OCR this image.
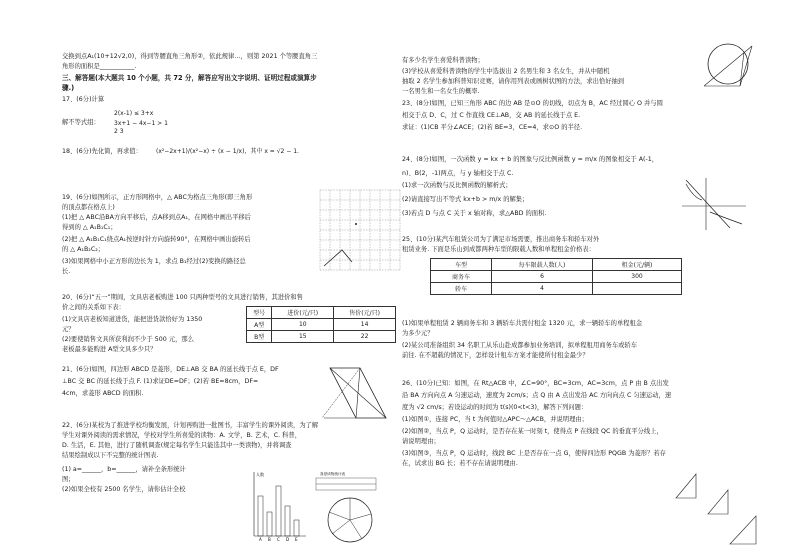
交换到点A₁(10+12√2,0)，得到等腰直角三角形②，依此规律…，则第 2021 个等腰直角三
角形的面积是___________.
三、解答题(本大题共 10 个小题，共 72 分，解答应写出文字说明、证明过程或演算步
骤.)
17、(6分)计算
解不等式组：
2(x-1) ≤ 3+x
3x+1 − 4x−1 > 1
2 3
18、(6分)先化简，再求值： (x²−2x+1)/(x²−x) ÷ (x − 1/x)，其中 x = √2 − 1.
19、(6分)如图所示，正方形网格中，△ ABC为格点三角形(即三角形
的顶点都在格点上)
(1)把 △ ABC沿BA方向平移后，点A移到点A₁，在网格中画出平移后
得到的 △ A₁B₁C₁；
(2)把 △ A₁B₁C₁绕点A₁按逆时针方向旋转90°，在网格中画出旋转后
的 △ A₁B₂C₂；
(3)如果网格中小正方形的边长为 1，求点 B₁经过(2)变换的路径总
长.
20、(6分)“五一”期间，文具店老板购进 100 只两种型号的文具进行销售，其进价和售
价之间的关系如下表：
(1)文具店老板知道进货，能把进货款恰好为 1350
元？
(2)要使销售文具所获利润不少于 500 元，那么
老板最多能购进 A型文具多少只？
型号	进价(元/只)	售价(元/只)
A型	10	14
B型	15	22
21、(6分)如图，四边形 ABCD 是菱形，DE⊥AB 交 BA 的延长线于点 E，DF
⊥BC 交 BC 的延长线于点 F. (1)求证DE=DF；(2)若 BE=8cm，DF=
4cm，求菱形 ABCD 的面积.
22、(6分)某校为了推进学校均衡发展，计划再购进一批图书，丰富学生的课外阅读，为了解
学生对课外阅读的需求情况，学校对学生所喜爱的读物：A. 文学，B. 艺术，C. 科普，
D. 生活，E. 其他，进行了随机调查(规定每名学生只能选其中一类读物)，并将调查
结果绘制成以下不完整的统计图表.
(1) a=______，b=______，请补全条形统计
图；
(2)如果全校有 2500 名学生，请你估计全校
人数
A B C D E
喜爱读物统计表
有多少名学生喜爱科普读物；
(3)学校从喜爱科普读物的学生中选拔出 2 名男生和 3 名女生，并从中随机
抽取 2 名学生参加科普知识竞赛，请你用列表或画树状图的方法，求出恰好抽到
一名男生和一名女生的概率.
23、(8分)如图，已知三角形 ABC 的边 AB 是⊙O 的切线，切点为 B，AC 经过圆心 O 并与圆
相交于点 D、C，过 C 作直线 CE⊥AB，交 AB 的延长线于点 E.
求证：(1)CB 平分∠ACE；(2)若 BE=3，CE=4，求⊙O 的半径.
24、(8分)如图，一次函数 y = kx + b 的图象与反比例函数 y = m/x 的图象相交于 A(-1，
n)、B(2，-1)两点，与 y 轴相交于点 C.
(1)求一次函数与反比例函数的解析式；
(2)请直接写出不等式 kx+b > m/x 的解集；
(3)若点 D 与点 C 关于 x 轴对称，求△ABD 的面积.
25、(10分)某汽车租赁公司为了满足市场需要，推出商务车和轿车对外
租赁业务. 下面是乐山到成都两种车型的限载人数和单程租金价格表：
车型	每车限载人数(人)	租金(元/辆)
商务车	6	300
轿车	4	
(1)如果单程租赁 2 辆商务车和 3 辆轿车共需付租金 1320 元，求一辆轿车的单程租金
为多少元？
(2)某公司准备组织 34 名职工从乐山赴成都参加业务培训，拟单程租用商务车或轿车
前往. 在不超载的情况下，怎样设计租车方案才能使所付租金最少？
26、(10分)已知：如图，在 Rt△ACB 中，∠C=90°，BC=3cm，AC=3cm，点 P 由 B 点出发
沿 BA 方向向点 A 匀速运动，速度为 2cm/s；点 Q 由 A 点出发沿 AC 方向向点 C 匀速运动，速
度为 √2 cm/s；若设运动的时间为 t(s)(0<t<3)，解答下列问题：
(1)如图①，连接 PC，当 t 为何值时△APC～△ACB，并说明理由；
(2)如图②，当点 P，Q 运动时，是否存在某一时刻 t，使得点 P 在线段 QC 的垂直平分线上，
请说明理由；
(3)如图③，当点 P，Q 运动时，线段 BC 上是否存在一点 G，使得四边形 PQGB 为菱形？若存
在，试求出 BG 长；若不存在请说明理由.
